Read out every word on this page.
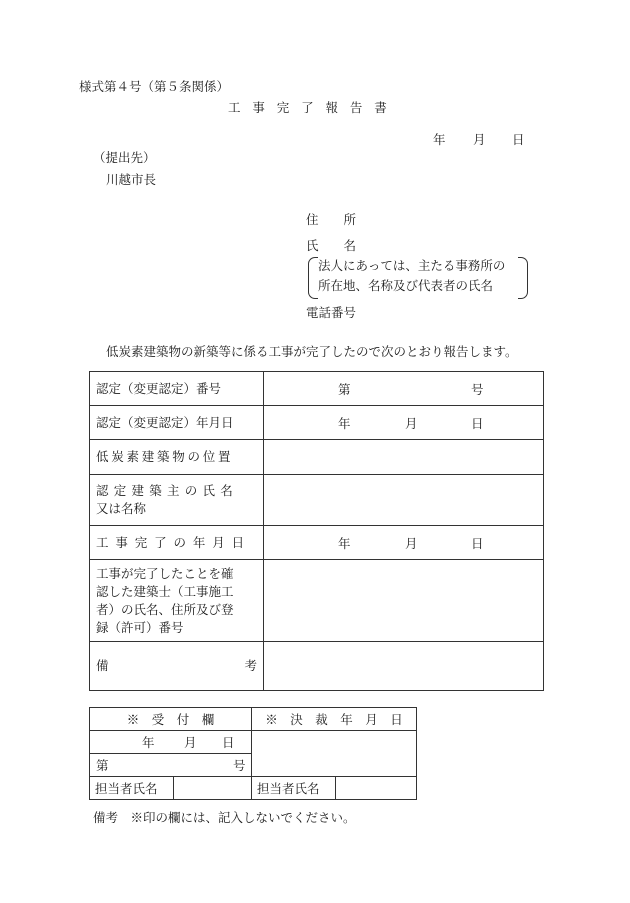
様式第４号（第５条関係）
工事完了報告書
年 月 日
（提出先）
川越市長
住　　所
氏　　名
法人にあっては、主たる事務所の
所在地、名称及び代表者の氏名
電話番号
低炭素建築物の新築等に係る工事が完了したので次のとおり報告します。
認定（変更認定）番号	第 号

認定（変更認定）年月日	年 月 日

低炭素建築物の位置	

認定建築主の氏名
又は名称	

工事完了の年月日	年 月 日

工事が完了したことを確
認した建築士（工事施工
者）の氏名、住所及び登
録（許可）番号	

備 考	

※　受　付　欄		※　決　裁　年　月　日	

年 月 日			

第 号			

担当者氏名		担当者氏名	
備考　※印の欄には、記入しないでください。
